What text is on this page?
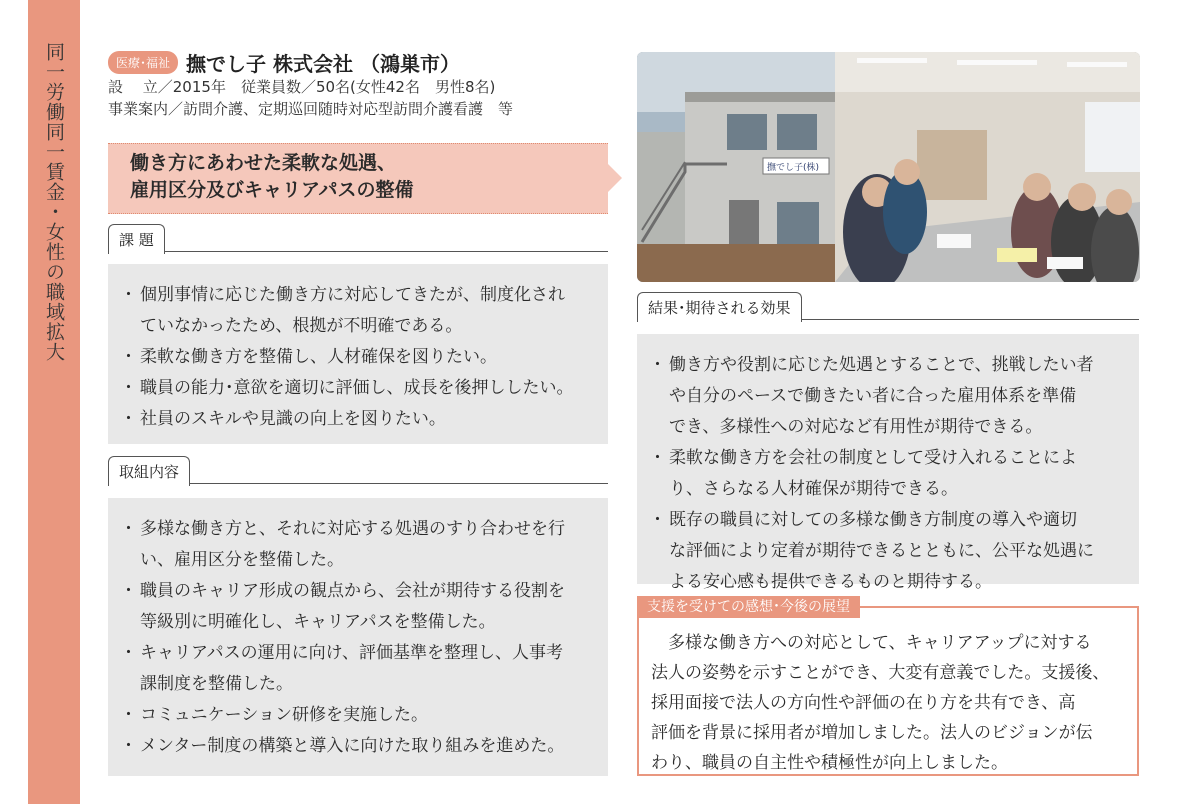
同一労働同一賃金・女性の職域拡大	医療･福祉 撫でし子 株式会社 （鴻巣市）
設　 立／2015年　従業員数／50名(女性42名　男性8名)
事業案内／訪問介護、定期巡回随時対応型訪問介護看護　等
働き方にあわせた柔軟な処遇、
雇用区分及びキャリアパスの整備
課 題
・ 個別事情に応じた働き方に対応してきたが、制度化され
ていなかったため、根拠が不明確である。
・ 柔軟な働き方を整備し、人材確保を図りたい。
・ 職員の能力･意欲を適切に評価し、成長を後押ししたい。
・ 社員のスキルや見識の向上を図りたい。
取組内容
・ 多様な働き方と、それに対応する処遇のすり合わせを行
い、雇用区分を整備した。
・ 職員のキャリア形成の観点から、会社が期待する役割を
等級別に明確化し、キャリアパスを整備した。
・ キャリアパスの運用に向け、評価基準を整理し、人事考
課制度を整備した。
・ コミュニケーション研修を実施した。
・ メンター制度の構築と導入に向けた取り組みを進めた。
撫でし子(株)
結果･期待される効果
・ 働き方や役割に応じた処遇とすることで、挑戦したい者
や自分のペースで働きたい者に合った雇用体系を準備
でき、多様性への対応など有用性が期待できる。
・ 柔軟な働き方を会社の制度として受け入れることによ
り、さらなる人材確保が期待できる。
・ 既存の職員に対しての多様な働き方制度の導入や適切
な評価により定着が期待できるとともに、公平な処遇に
よる安心感も提供できるものと期待する。
　多様な働き方への対応として、キャリアアップに対する
法人の姿勢を示すことができ、大変有意義でした。支援後、
採用面接で法人の方向性や評価の在り方を共有でき、高
評価を背景に採用者が増加しました。法人のビジョンが伝
わり、職員の自主性や積極性が向上しました。
支援を受けての感想･今後の展望
